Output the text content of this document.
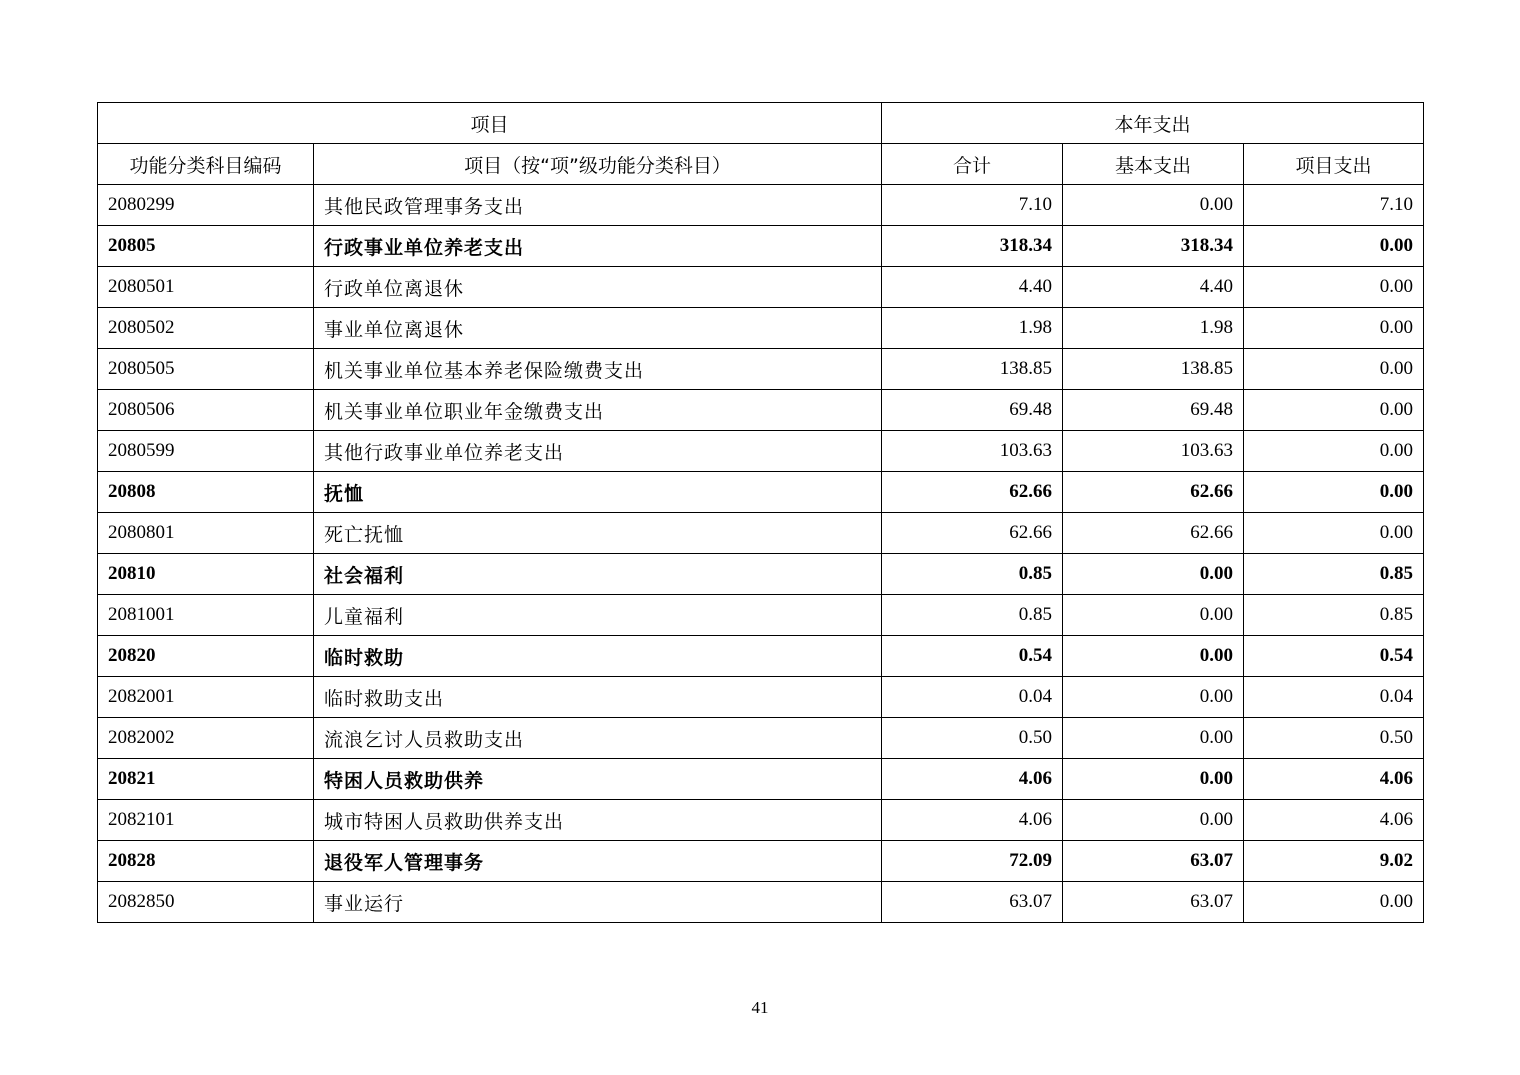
项目		本年支出		
功能分类科目编码	项目（按“项”级功能分类科目）	合计	基本支出	项目支出
2080299	其他民政管理事务支出	7.10	0.00	7.10
20805	行政事业单位养老支出	318.34	318.34	0.00
2080501	行政单位离退休	4.40	4.40	0.00
2080502	事业单位离退休	1.98	1.98	0.00
2080505	机关事业单位基本养老保险缴费支出	138.85	138.85	0.00
2080506	机关事业单位职业年金缴费支出	69.48	69.48	0.00
2080599	其他行政事业单位养老支出	103.63	103.63	0.00
20808	抚恤	62.66	62.66	0.00
2080801	死亡抚恤	62.66	62.66	0.00
20810	社会福利	0.85	0.00	0.85
2081001	儿童福利	0.85	0.00	0.85
20820	临时救助	0.54	0.00	0.54
2082001	临时救助支出	0.04	0.00	0.04
2082002	流浪乞讨人员救助支出	0.50	0.00	0.50
20821	特困人员救助供养	4.06	0.00	4.06
2082101	城市特困人员救助供养支出	4.06	0.00	4.06
20828	退役军人管理事务	72.09	63.07	9.02
2082850	事业运行	63.07	63.07	0.00
41
